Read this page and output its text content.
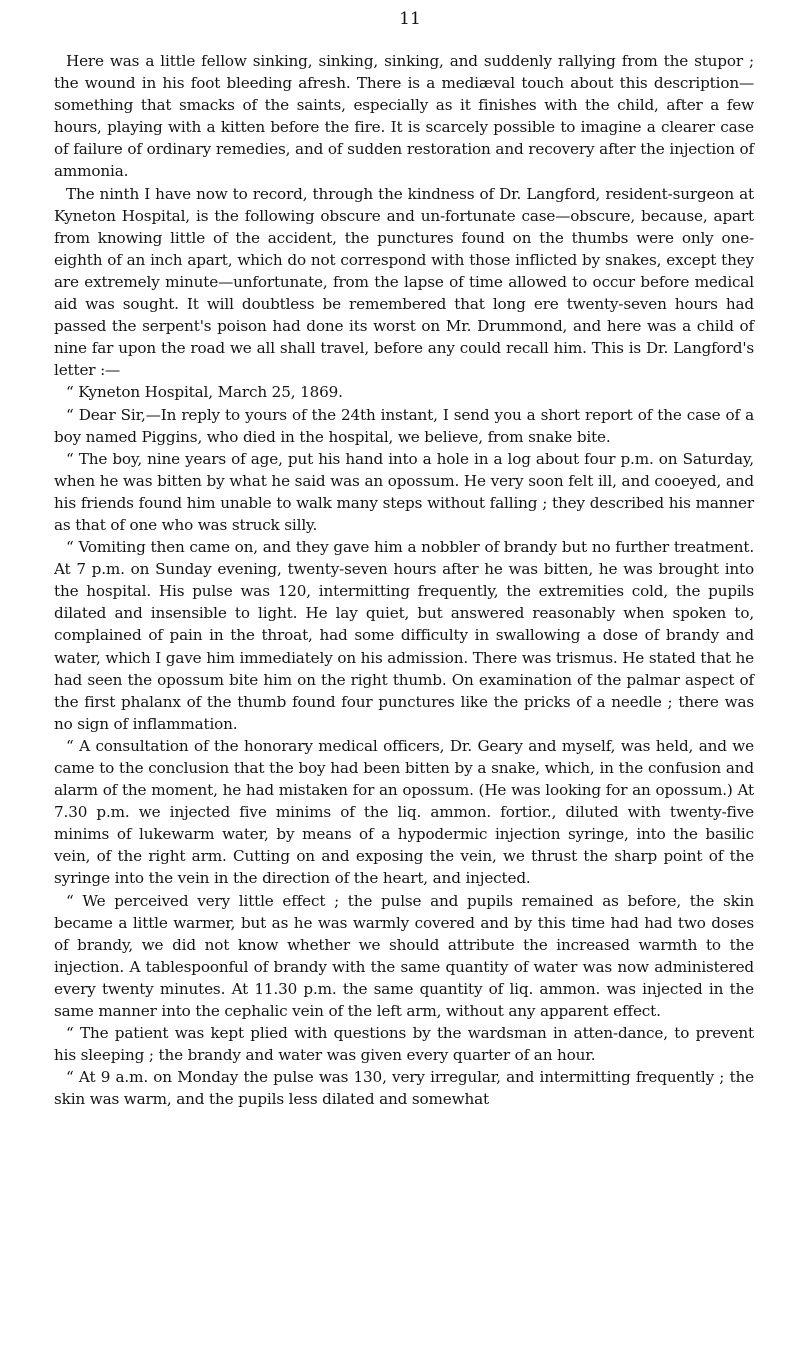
11

Here was a little fellow sinking, sinking, sinking, and suddenly rallying from the stupor ; the wound in his foot bleeding afresh. There is a mediæval touch about this description—something that smacks of the saints, especially as it finishes with the child, after a few hours, playing with a kitten before the fire. It is scarcely possible to imagine a clearer case of failure of ordinary remedies, and of sudden restoration and recovery after the injection of ammonia.

The ninth I have now to record, through the kindness of Dr. Langford, resident-surgeon at Kyneton Hospital, is the following obscure and un-fortunate case—obscure, because, apart from knowing little of the accident, the punctures found on the thumbs were only one-eighth of an inch apart, which do not correspond with those inflicted by snakes, except they are extremely minute—unfortunate, from the lapse of time allowed to occur before medical aid was sought. It will doubtless be remembered that long ere twenty-seven hours had passed the serpent's poison had done its worst on Mr. Drummond, and here was a child of nine far upon the road we all shall travel, before any could recall him. This is Dr. Langford's letter :—

“ Kyneton Hospital, March 25, 1869.

“ Dear Sir,—In reply to yours of the 24th instant, I send you a short report of the case of a boy named Piggins, who died in the hospital, we believe, from snake bite.

“ The boy, nine years of age, put his hand into a hole in a log about four p.m. on Saturday, when he was bitten by what he said was an opossum. He very soon felt ill, and cooeyed, and his friends found him unable to walk many steps without falling ; they described his manner as that of one who was struck silly.

“ Vomiting then came on, and they gave him a nobbler of brandy but no further treatment. At 7 p.m. on Sunday evening, twenty-seven hours after he was bitten, he was brought into the hospital. His pulse was 120, intermitting frequently, the extremities cold, the pupils dilated and insensible to light. He lay quiet, but answered reasonably when spoken to, complained of pain in the throat, had some difficulty in swallowing a dose of brandy and water, which I gave him immediately on his admission. There was trismus. He stated that he had seen the opossum bite him on the right thumb. On examination of the palmar aspect of the first phalanx of the thumb found four punctures like the pricks of a needle ; there was no sign of inflammation.

“ A consultation of the honorary medical officers, Dr. Geary and myself, was held, and we came to the conclusion that the boy had been bitten by a snake, which, in the confusion and alarm of the moment, he had mistaken for an opossum. (He was looking for an opossum.) At 7.30 p.m. we injected five minims of the liq. ammon. fortior., diluted with twenty-five minims of lukewarm water, by means of a hypodermic injection syringe, into the basilic vein, of the right arm. Cutting on and exposing the vein, we thrust the sharp point of the syringe into the vein in the direction of the heart, and injected.

“ We perceived very little effect ; the pulse and pupils remained as before, the skin became a little warmer, but as he was warmly covered and by this time had had two doses of brandy, we did not know whether we should attribute the increased warmth to the injection. A tablespoonful of brandy with the same quantity of water was now administered every twenty minutes. At 11.30 p.m. the same quantity of liq. ammon. was injected in the same manner into the cephalic vein of the left arm, without any apparent effect.

“ The patient was kept plied with questions by the wardsman in atten-dance, to prevent his sleeping ; the brandy and water was given every quarter of an hour.

“ At 9 a.m. on Monday the pulse was 130, very irregular, and intermitting frequently ; the skin was warm, and the pupils less dilated and somewhat
